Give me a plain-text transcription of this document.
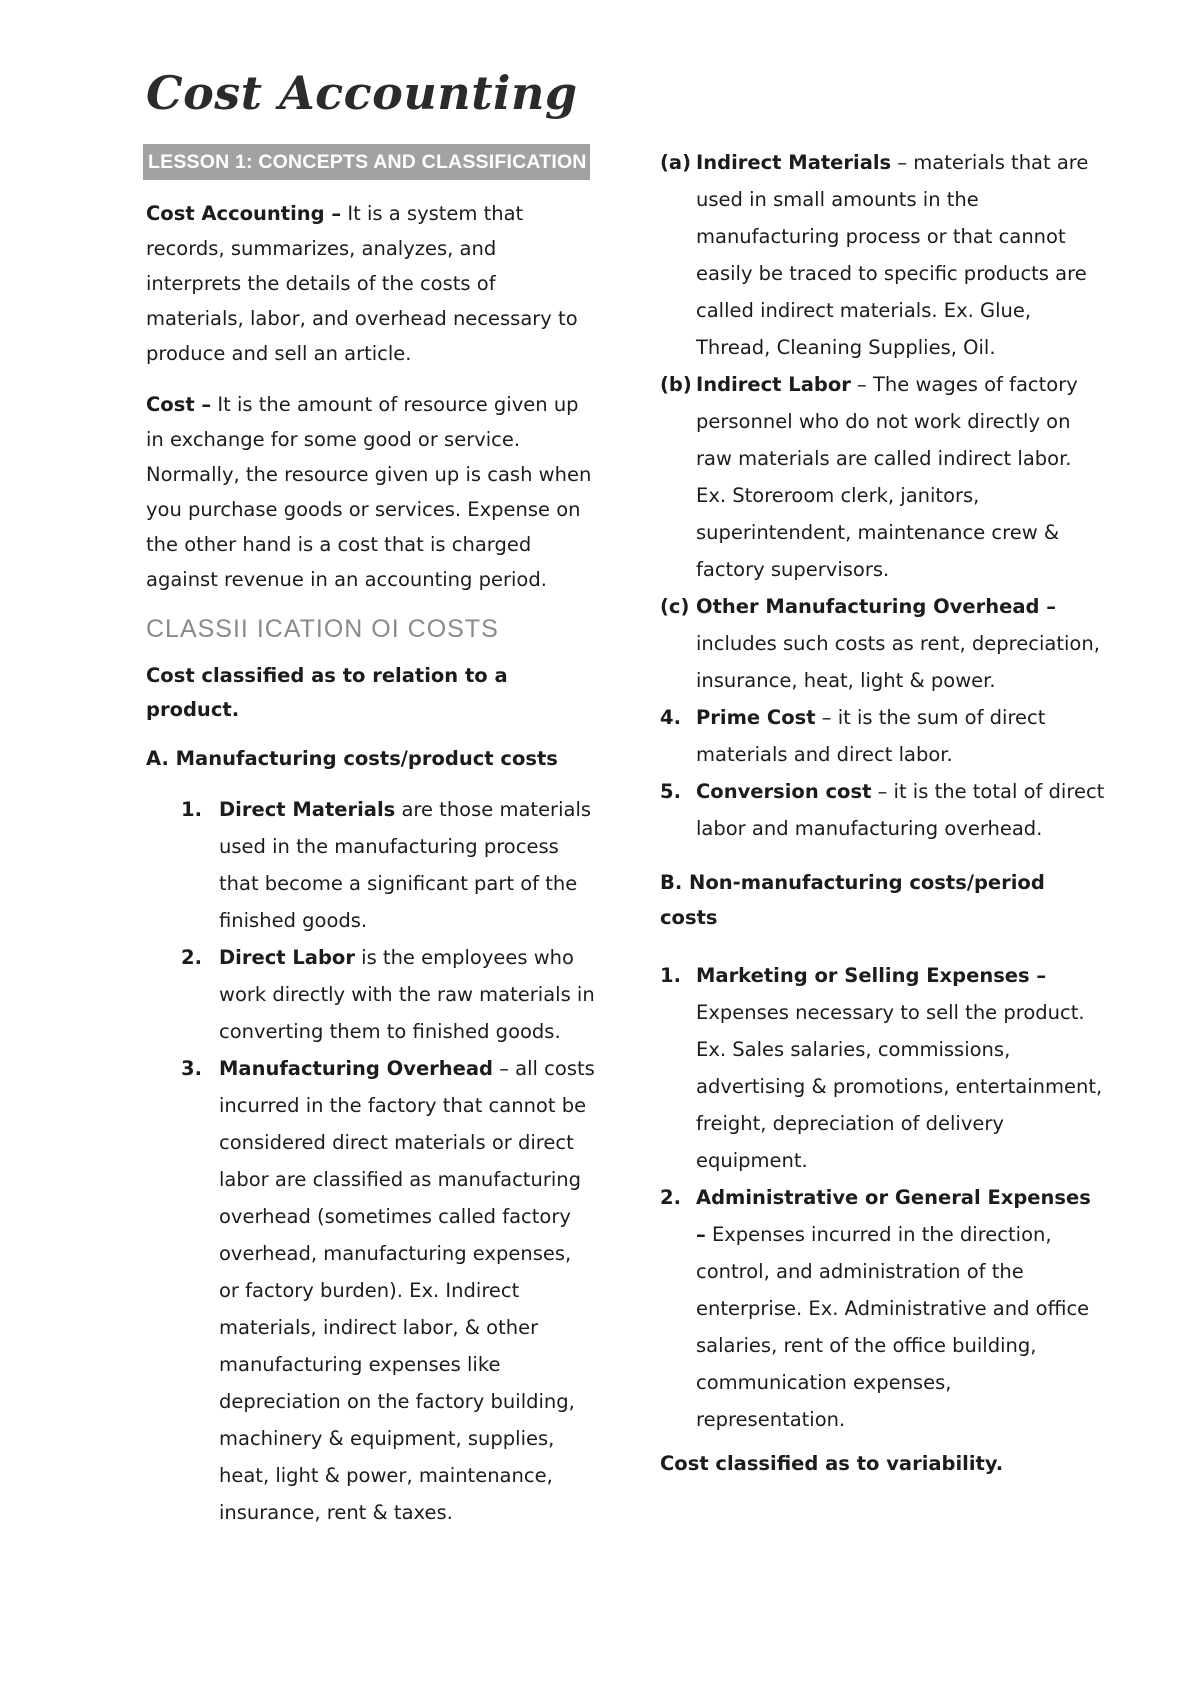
Cost Accounting
LESSON 1: CONCEPTS AND CLASSIFICATION

Cost Accounting – It is a system that records, summarizes, analyzes, and interprets the details of the costs of materials, labor, and overhead necessary to produce and sell an article.

Cost – It is the amount of resource given up in exchange for some good or service. Normally, the resource given up is cash when you purchase goods or services. Expense on the other hand is a cost that is charged against revenue in an accounting period.

CLASSII ICATION OI COSTS
Cost classified as to relation to a product.
A. Manufacturing costs/product costs
1. Direct Materials are those materials used in the manufacturing process that become a significant part of the finished goods.
2. Direct Labor is the employees who work directly with the raw materials in converting them to finished goods.
3. Manufacturing Overhead – all costs incurred in the factory that cannot be considered direct materials or direct labor are classified as manufacturing overhead (sometimes called factory overhead, manufacturing expenses, or factory burden). Ex. Indirect materials, indirect labor, & other manufacturing expenses like depreciation on the factory building, machinery & equipment, supplies, heat, light & power, maintenance, insurance, rent & taxes.
(a) Indirect Materials – materials that are used in small amounts in the manufacturing process or that cannot easily be traced to specific products are called indirect materials. Ex. Glue, Thread, Cleaning Supplies, Oil.
(b) Indirect Labor – The wages of factory personnel who do not work directly on raw materials are called indirect labor. Ex. Storeroom clerk, janitors, superintendent, maintenance crew & factory supervisors.
(c) Other Manufacturing Overhead – includes such costs as rent, depreciation, insurance, heat, light & power.
4. Prime Cost – it is the sum of direct materials and direct labor.
5. Conversion cost – it is the total of direct labor and manufacturing overhead.
B. Non-manufacturing costs/period costs
1. Marketing or Selling Expenses – Expenses necessary to sell the product. Ex. Sales salaries, commissions, advertising & promotions, entertainment, freight, depreciation of delivery equipment.
2. Administrative or General Expenses – Expenses incurred in the direction, control, and administration of the enterprise. Ex. Administrative and office salaries, rent of the office building, communication expenses, representation.
Cost classified as to variability.
